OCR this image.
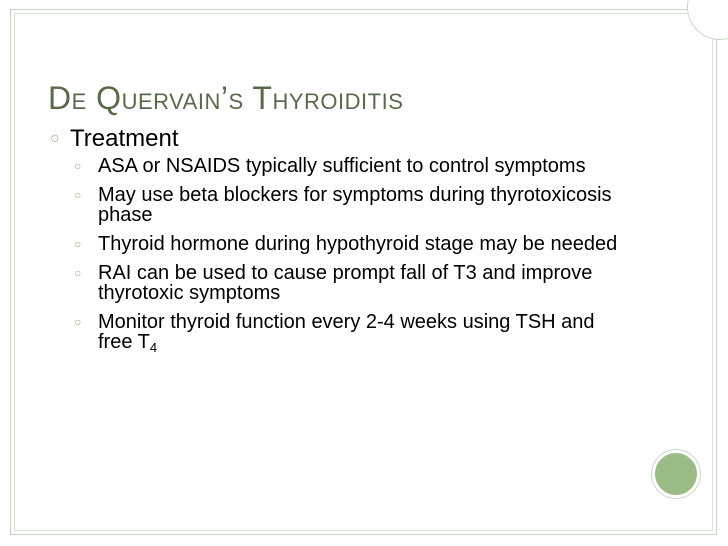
De Quervain’s Thyroiditis
○ Treatment
○ ASA or NSAIDS typically sufficient to control symptoms
○ May use beta blockers for symptoms during thyrotoxicosis phase
○ Thyroid hormone during hypothyroid stage may be needed
○ RAI can be used to cause prompt fall of T3 and improve thyrotoxic symptoms
○ Monitor thyroid function every 2-4 weeks using TSH and free $T_4$
